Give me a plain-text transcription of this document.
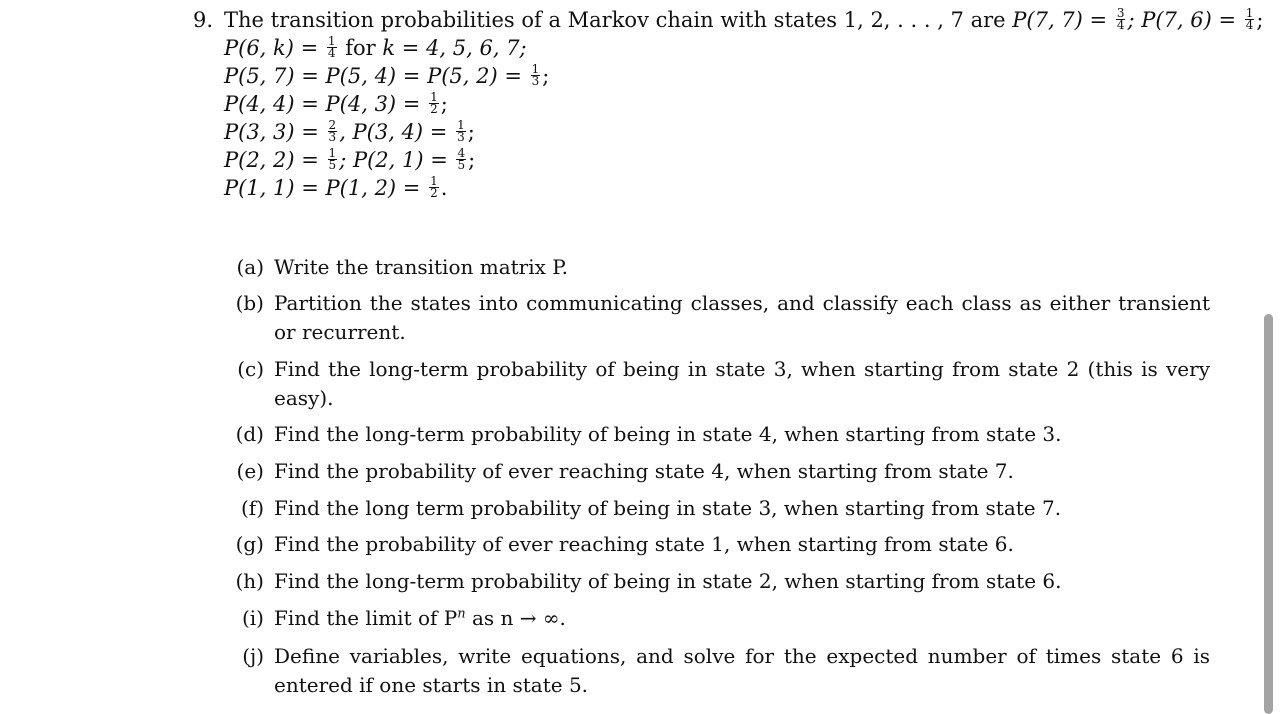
9. The transition probabilities of a Markov chain with states 1, 2, . . . , 7 are P(7, $7) = \frac{3}{4}$ ; P(7, $6) = \frac{1}{4}$ ;
P(6, $k) = \frac{1}{4}$ for k = 4, 5, 6, 7;
P(5, 7) = P(5, 4) = P(5, $2) = \frac{1}{3}$ ;
P(4, 4) = P(4, $3) = \frac{1}{2}$ ;
P(3, $3) = \frac{2}{3}$ , P(3, $4) = \frac{1}{3}$ ;
P(2, $2) = \frac{1}{5}$ ; P(2, $1) = \frac{4}{5}$ ;
P(1, 1) = P(1, $2) = \frac{1}{2}$ .
(a) Write the transition matrix P.
(b) Partition the states into communicating classes, and classify each class as either transient or recurrent.
(c) Find the long-term probability of being in state 3, when starting from state 2 (this is very easy).
(d) Find the long-term probability of being in state 4, when starting from state 3.
(e) Find the probability of ever reaching state 4, when starting from state 7.
(f) Find the long term probability of being in state 3, when starting from state 7.
(g) Find the probability of ever reaching state 1, when starting from state 6.
(h) Find the long-term probability of being in state 2, when starting from state 6.
(i) Find the limit of $P^n$ as n → ∞.
(j) Define variables, write equations, and solve for the expected number of times state 6 is entered if one starts in state 5.
